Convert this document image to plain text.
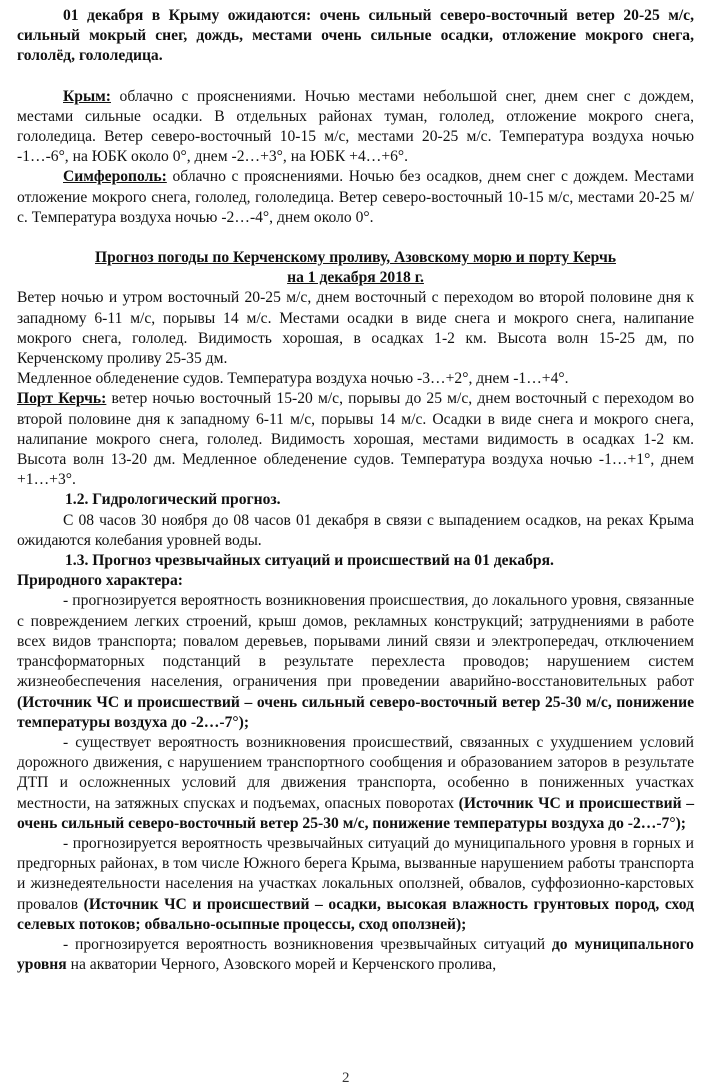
01 декабря в Крыму ожидаются: очень сильный северо-восточный ветер 20-25 м/с, сильный мокрый снег, дождь, местами очень сильные осадки, отложение мокрого снега, гололёд, гололедица.

Крым: облачно с прояснениями. Ночью местами небольшой снег, днем снег с дождем, местами сильные осадки. В отдельных районах туман, гололед, отложение мокрого снега, гололедица. Ветер северо-восточный 10-15 м/с, местами 20-25 м/с. Температура воздуха ночью -1…-6°, на ЮБК около 0°, днем -2…+3°, на ЮБК +4…+6°.

Симферополь: облачно с прояснениями. Ночью без осадков, днем снег с дождем. Местами отложение мокрого снега, гололед, гололедица. Ветер северо-восточный 10-15 м/с, местами 20-25 м/с. Температура воздуха ночью -2…-4°, днем около 0°.

Прогноз погоды по Керченскому проливу, Азовскому морю и порту Керчь

на 1 декабря 2018 г.

Ветер ночью и утром восточный 20-25 м/с, днем восточный с переходом во второй половине дня к западному 6-11 м/с, порывы 14 м/с. Местами осадки в виде снега и мокрого снега, налипание мокрого снега, гололед. Видимость хорошая, в осадках 1-2 км. Высота волн 15-25 дм, по Керченскому проливу 25-35 дм.

Медленное обледенение судов. Температура воздуха ночью -3…+2°, днем -1…+4°.

Порт Керчь: ветер ночью восточный 15-20 м/с, порывы до 25 м/с, днем восточный с переходом во второй половине дня к западному 6-11 м/с, порывы 14 м/с. Осадки в виде снега и мокрого снега, налипание мокрого снега, гололед. Видимость хорошая, местами видимость в осадках 1-2 км. Высота волн 13-20 дм. Медленное обледенение судов. Температура воздуха ночью -1…+1°, днем +1…+3°.

1.2. Гидрологический прогноз.

С 08 часов 30 ноября до 08 часов 01 декабря в связи с выпадением осадков, на реках Крыма ожидаются колебания уровней воды.

1.3. Прогноз чрезвычайных ситуаций и происшествий на 01 декабря.

Природного характера:

- прогнозируется вероятность возникновения происшествия, до локального уровня, связанные с повреждением легких строений, крыш домов, рекламных конструкций; затруднениями в работе всех видов транспорта; повалом деревьев, порывами линий связи и электропередач, отключением трансформаторных подстанций в результате перехлеста проводов; нарушением систем жизнеобеспечения населения, ограничения при проведении аварийно-восстановительных работ (Источник ЧС и происшествий – очень сильный северо-восточный ветер 25-30 м/с, понижение температуры воздуха до -2…-7°);

- существует вероятность возникновения происшествий, связанных с ухудшением условий дорожного движения, с нарушением транспортного сообщения и образованием заторов в результате ДТП и осложненных условий для движения транспорта, особенно в пониженных участках местности, на затяжных спусках и подъемах, опасных поворотах (Источник ЧС и происшествий – очень сильный северо-восточный ветер 25-30 м/с, понижение температуры воздуха до -2…-7°);

- прогнозируется вероятность чрезвычайных ситуаций до муниципального уровня в горных и предгорных районах, в том числе Южного берега Крыма, вызванные нарушением работы транспорта и жизнедеятельности населения на участках локальных оползней, обвалов, суффозионно-карстовых провалов (Источник ЧС и происшествий – осадки, высокая влажность грунтовых пород, сход селевых потоков; обвально-осыпные процессы, сход оползней);

- прогнозируется вероятность возникновения чрезвычайных ситуаций до муниципального уровня на акватории Черного, Азовского морей и Керченского пролива,

2
